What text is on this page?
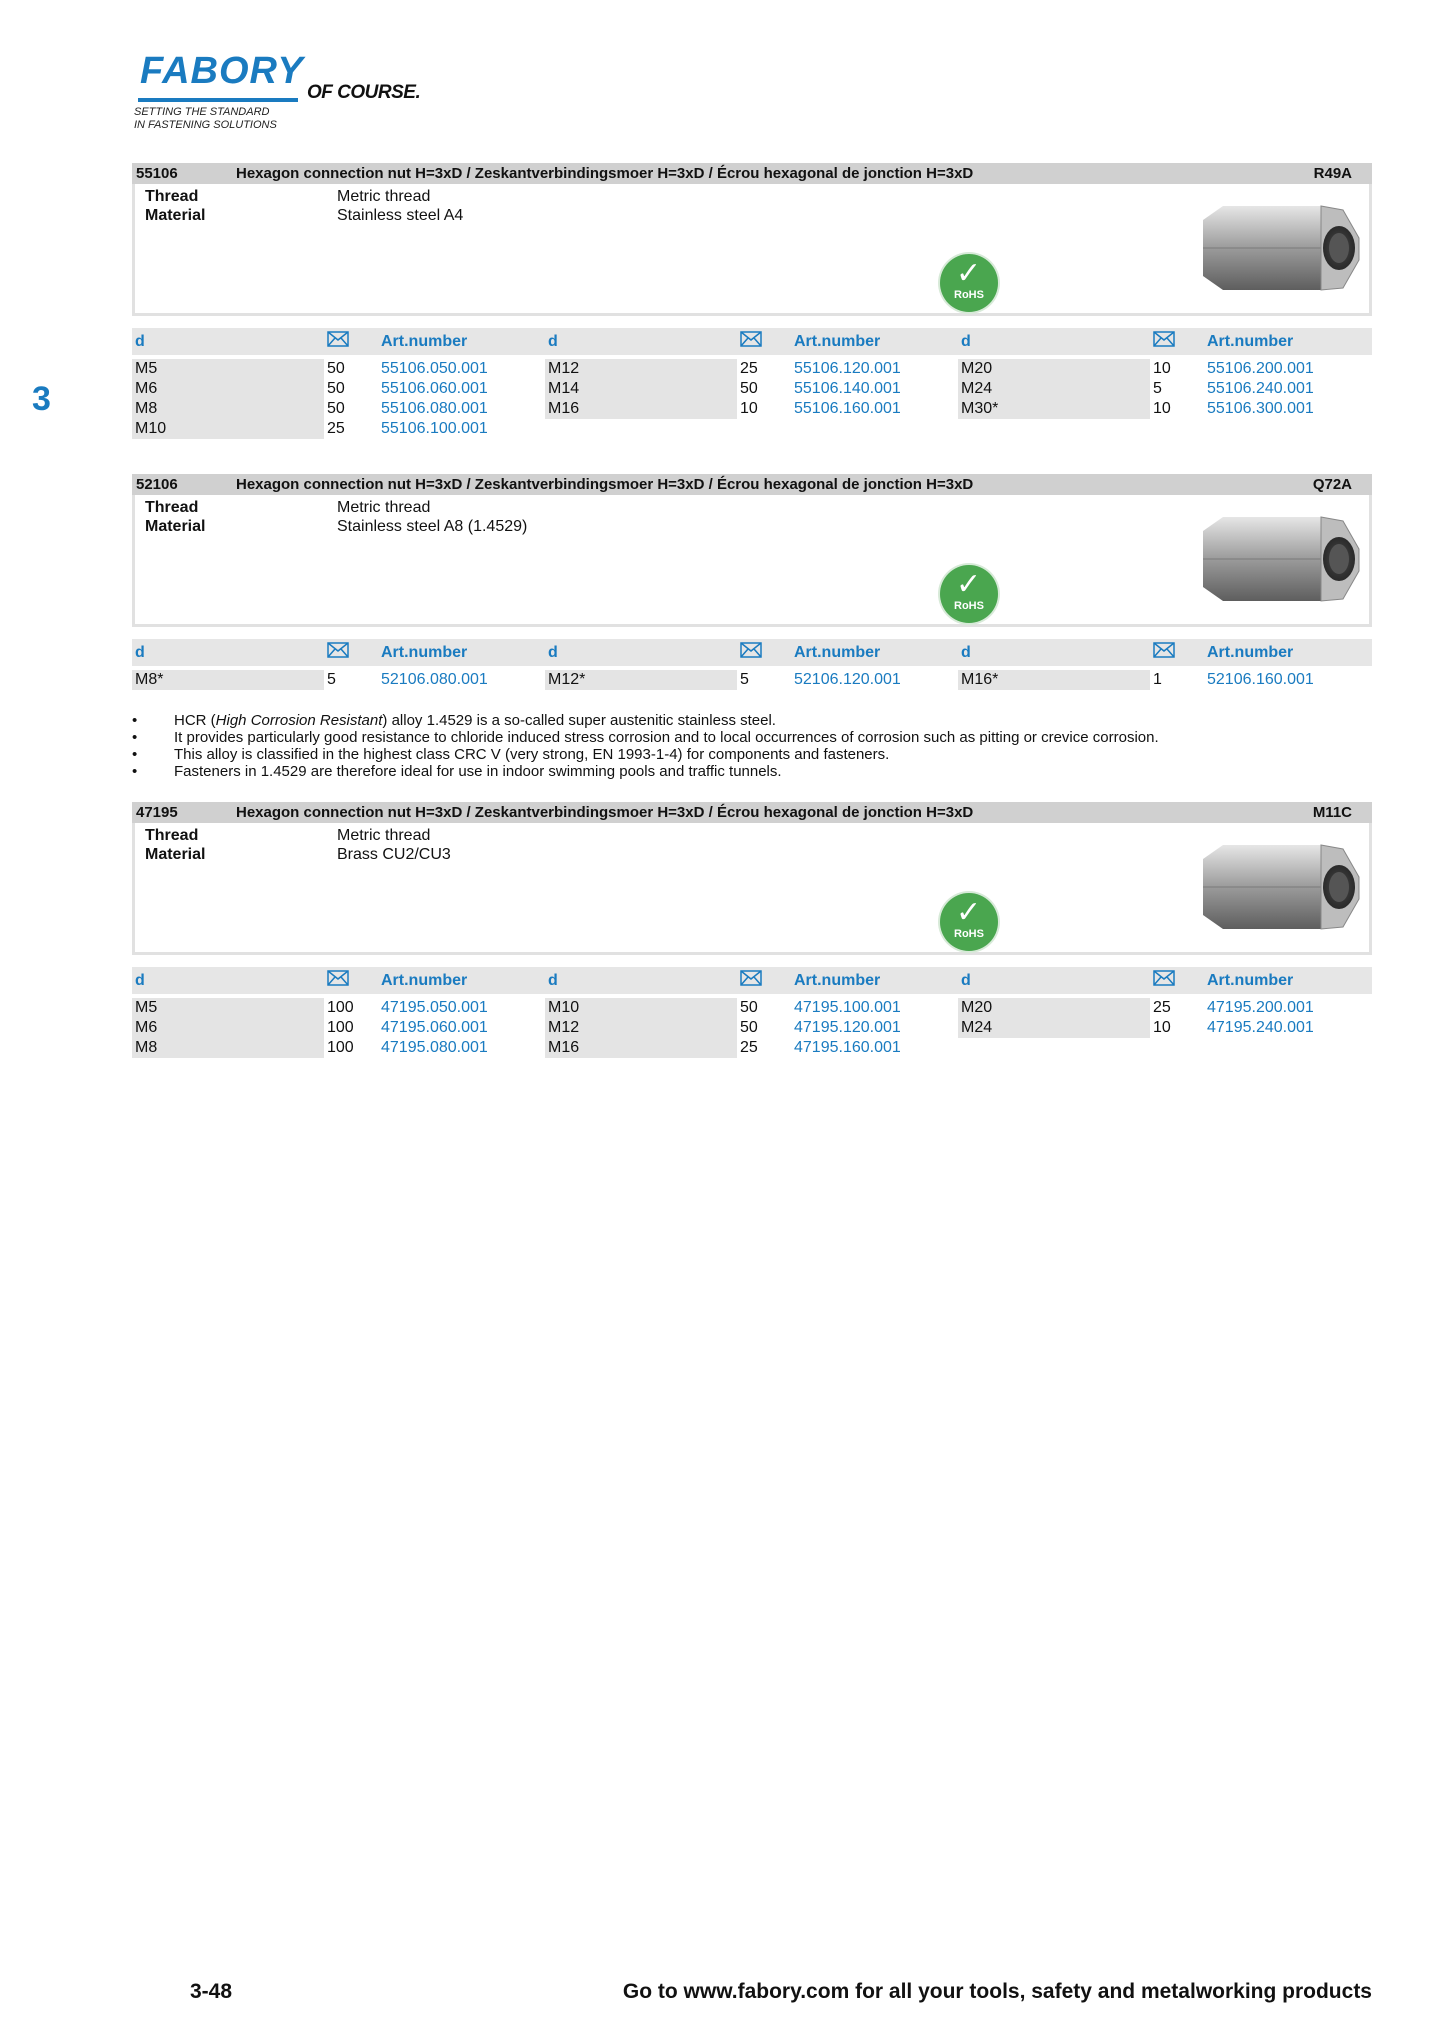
FABORY
OF COURSE.
SETTING THE STANDARD
IN FASTENING SOLUTIONS
3
55106	Hexagon connection nut H=3xD / Zeskantverbindingsmoer H=3xD / Écrou hexagonal de jonction H=3xD	R49A
Thread	Metric thread
Material	Stainless steel A4
✓
RoHS
d	Art.number	d	Art.number	d	Art.number
M5	50	55106.050.001
M6	50	55106.060.001
M8	50	55106.080.001
M10	25	55106.100.001
M12	25	55106.120.001
M14	50	55106.140.001
M16	10	55106.160.001
M20	10	55106.200.001
M24	5	55106.240.001
M30*	10	55106.300.001
52106	Hexagon connection nut H=3xD / Zeskantverbindingsmoer H=3xD / Écrou hexagonal de jonction H=3xD	Q72A
Thread	Metric thread
Material	Stainless steel A8 (1.4529)
✓
RoHS
d	Art.number	d	Art.number	d	Art.number
M8*	5	52106.080.001	M12*	5	52106.120.001	M16*	1	52106.160.001
47195	Hexagon connection nut H=3xD / Zeskantverbindingsmoer H=3xD / Écrou hexagonal de jonction H=3xD	M11C
Thread	Metric thread
Material	Brass CU2/CU3
✓
RoHS
d	Art.number	d	Art.number	d	Art.number
M5	100	47195.050.001
M6	100	47195.060.001
M8	100	47195.080.001
M10	50	47195.100.001
M12	50	47195.120.001
M16	25	47195.160.001
M20	25	47195.200.001
M24	10	47195.240.001
• HCR (High Corrosion Resistant) alloy 1.4529 is a so-called super austenitic stainless steel.
• It provides particularly good resistance to chloride induced stress corrosion and to local occurrences of corrosion such as pitting or crevice corrosion.
• This alloy is classified in the highest class CRC V (very strong, EN 1993-1-4) for components and fasteners.
• Fasteners in 1.4529 are therefore ideal for use in indoor swimming pools and traffic tunnels.
3-48	Go to www.fabory.com for all your tools, safety and metalworking products
